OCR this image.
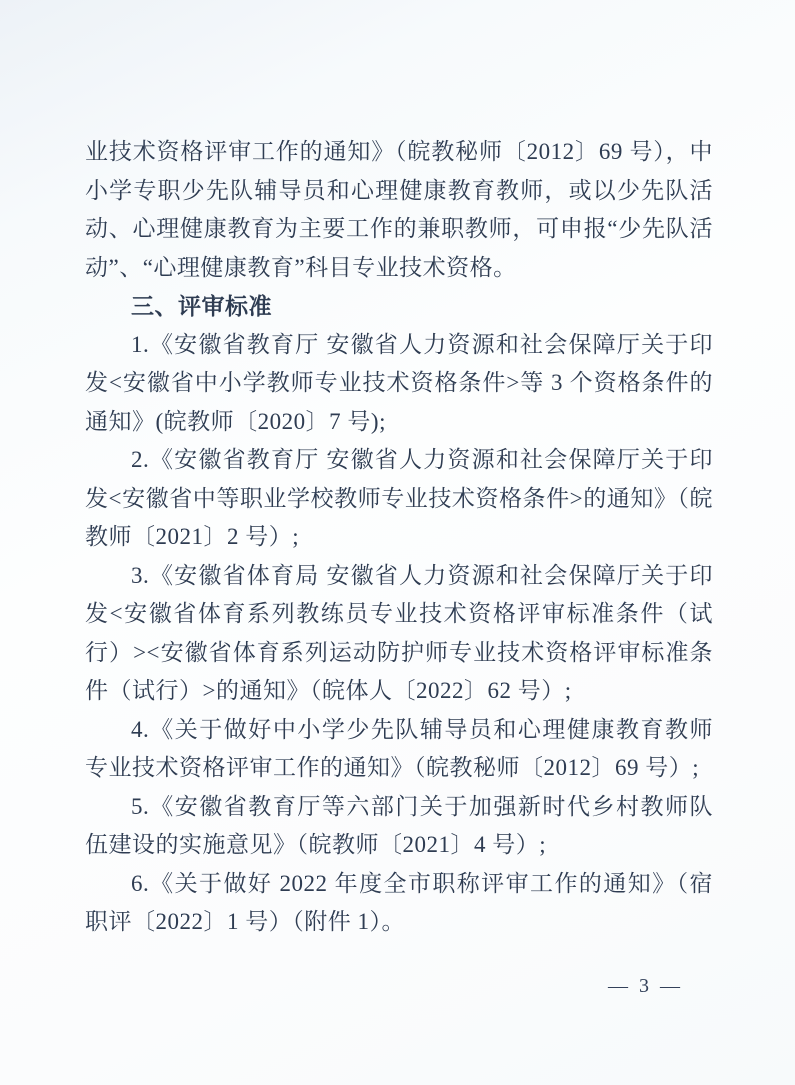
业技术资格评审工作的通知》（皖教秘师〔2012〕69 号），中小学专职少先队辅导员和心理健康教育教师，或以少先队活动、心理健康教育为主要工作的兼职教师，可申报“少先队活动”、“心理健康教育”科目专业技术资格。

三、评审标准

1.《安徽省教育厅 安徽省人力资源和社会保障厅关于印发<安徽省中小学教师专业技术资格条件>等 3 个资格条件的通知》(皖教师〔2020〕7 号);

2.《安徽省教育厅 安徽省人力资源和社会保障厅关于印发<安徽省中等职业学校教师专业技术资格条件>的通知》（皖教师〔2021〕2 号）;

3.《安徽省体育局 安徽省人力资源和社会保障厅关于印发<安徽省体育系列教练员专业技术资格评审标准条件（试行）><安徽省体育系列运动防护师专业技术资格评审标准条件（试行）>的通知》（皖体人〔2022〕62 号）;

4.《关于做好中小学少先队辅导员和心理健康教育教师专业技术资格评审工作的通知》（皖教秘师〔2012〕69 号）;

5.《安徽省教育厅等六部门关于加强新时代乡村教师队伍建设的实施意见》（皖教师〔2021〕4 号）;

6.《关于做好 2022 年度全市职称评审工作的通知》（宿职评〔2022〕1 号）（附件 1）。

— 3 —
